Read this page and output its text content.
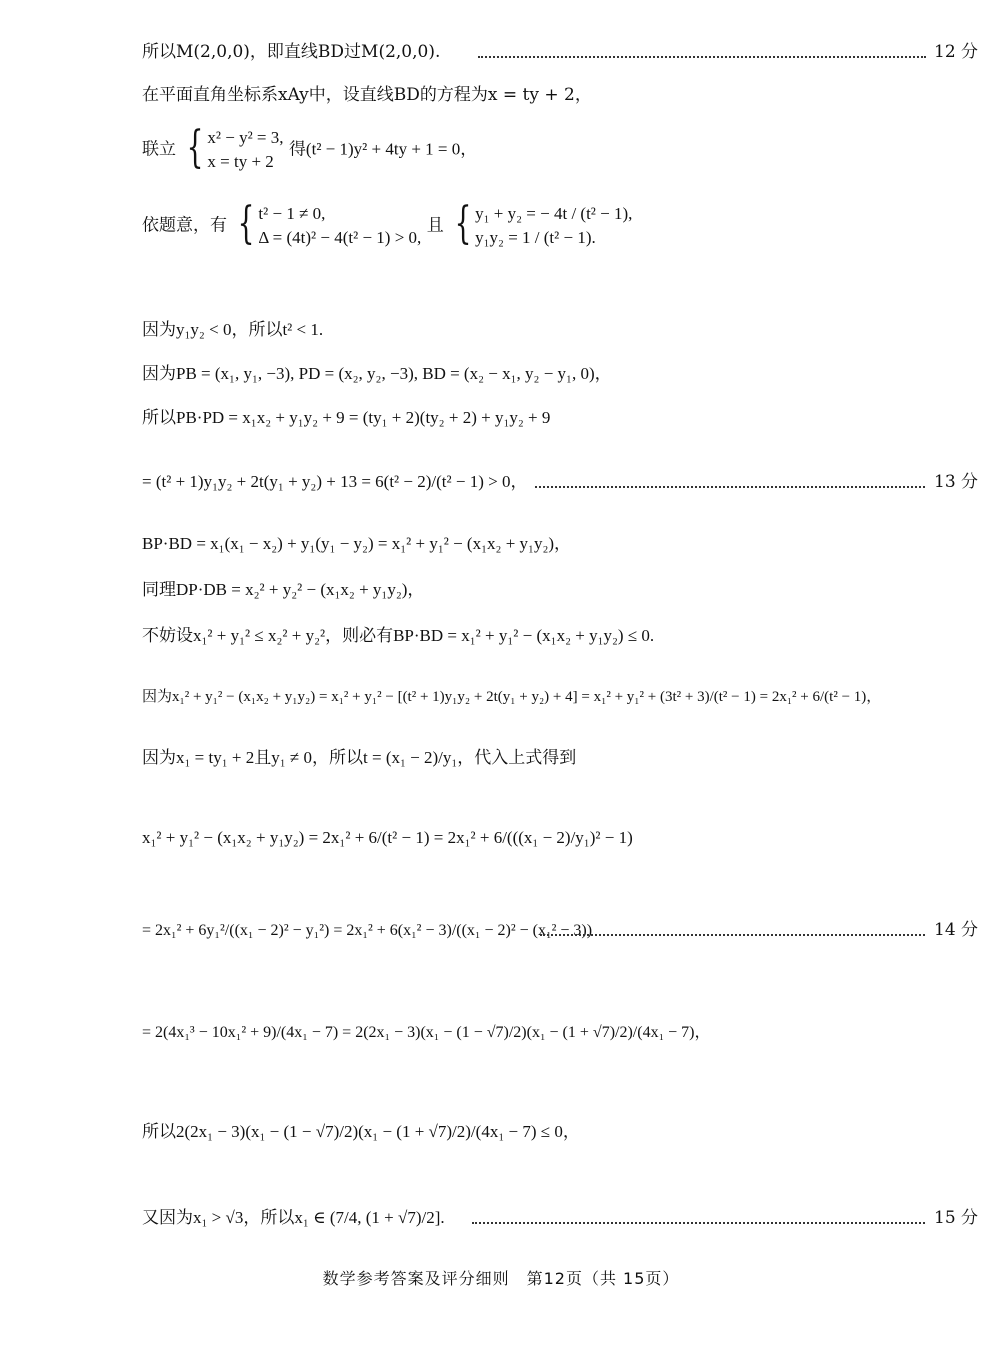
所以M(2,0,0)，即直线BD过M(2,0,0).	12 分
在平面直角坐标系xAy中，设直线BD的方程为x = ty + 2，
联立 { x² − y² = 3,
x = ty + 2
得(t² − 1)y² + 4ty + 1 = 0，
依题意，有 { t² − 1 ≠ 0,
Δ = (4t)² − 4(t² − 1) > 0,
且 { y₁ + y₂ = − 4t / (t² − 1),
y₁y₂ = 1 / (t² − 1).
因为y₁y₂ < 0，所以t² < 1.
因为PB = (x₁, y₁, −3), PD = (x₂, y₂, −3), BD = (x₂ − x₁, y₂ − y₁, 0)，
所以PB·PD = x₁x₂ + y₁y₂ + 9 = (ty₁ + 2)(ty₂ + 2) + y₁y₂ + 9
= (t² + 1)y₁y₂ + 2t(y₁ + y₂) + 13 = 6(t² − 2)/(t² − 1) > 0，	13 分
BP·BD = x₁(x₁ − x₂) + y₁(y₁ − y₂) = x₁² + y₁² − (x₁x₂ + y₁y₂)，
同理DP·DB = x₂² + y₂² − (x₁x₂ + y₁y₂)，
不妨设x₁² + y₁² ≤ x₂² + y₂²，则必有BP·BD = x₁² + y₁² − (x₁x₂ + y₁y₂) ≤ 0.
因为x₁² + y₁² − (x₁x₂ + y₁y₂) = x₁² + y₁² − [(t² + 1)y₁y₂ + 2t(y₁ + y₂) + 4] = x₁² + y₁² + (3t² + 3)/(t² − 1) = 2x₁² + 6/(t² − 1)，
因为x₁ = ty₁ + 2且y₁ ≠ 0，所以t = (x₁ − 2)/y₁，代入上式得到
x₁² + y₁² − (x₁x₂ + y₁y₂) = 2x₁² + 6/(t² − 1) = 2x₁² + 6/(((x₁ − 2)/y₁)² − 1)
= 2x₁² + 6y₁²/((x₁ − 2)² − y₁²) = 2x₁² + 6(x₁² − 3)/((x₁ − 2)² − (x₁² − 3))	14 分
= 2(4x₁³ − 10x₁² + 9)/(4x₁ − 7) = 2(2x₁ − 3)(x₁ − (1 − √7)/2)(x₁ − (1 + √7)/2)/(4x₁ − 7)，
所以2(2x₁ − 3)(x₁ − (1 − √7)/2)(x₁ − (1 + √7)/2)/(4x₁ − 7) ≤ 0，
又因为x₁ > √3，所以x₁ ∈ (7/4, (1 + √7)/2].	15 分
数学参考答案及评分细则　第12页（共 15页）
